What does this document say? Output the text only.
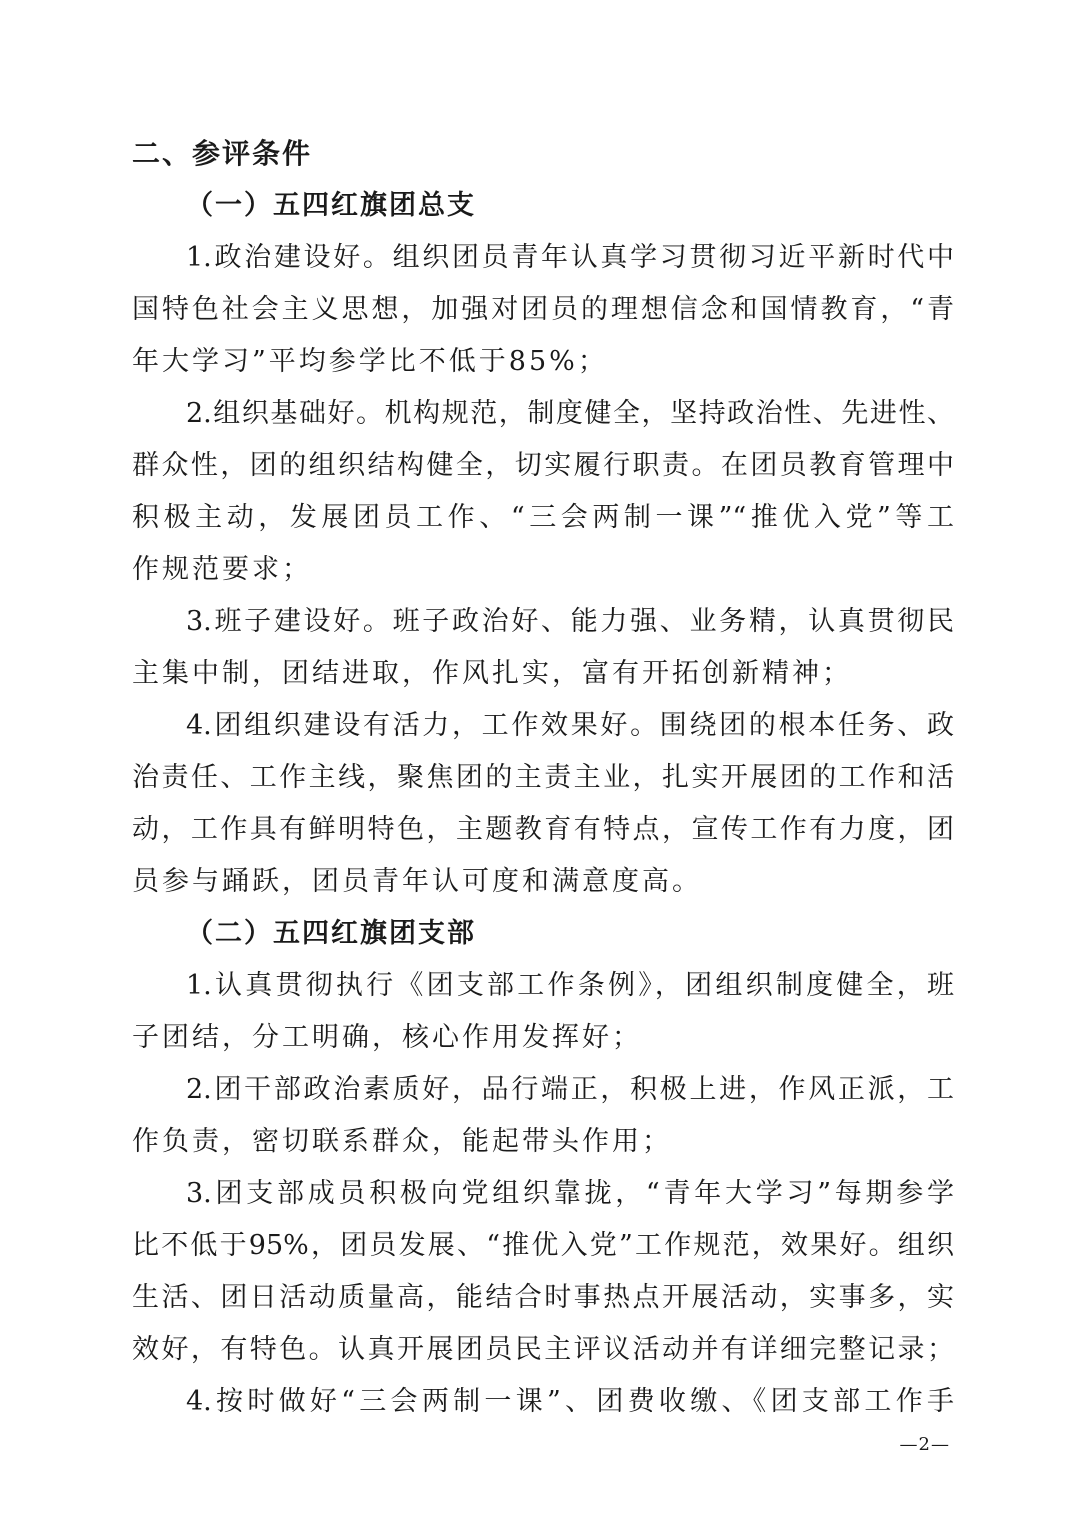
二、参评条件
（一）五四红旗团总支

1.政治建设好。组织团员青年认真学习贯彻习近平新时代中
国特色社会主义思想，加强对团员的理想信念和国情教育，“青
年大学习”平均参学比不低于85%；

2.组织基础好。机构规范，制度健全，坚持政治性、先进性、
群众性，团的组织结构健全，切实履行职责。在团员教育管理中
积极主动，发展团员工作、“三会两制一课”“推优入党”等工
作规范要求；

3.班子建设好。班子政治好、能力强、业务精，认真贯彻民
主集中制，团结进取，作风扎实，富有开拓创新精神；

4.团组织建设有活力，工作效果好。围绕团的根本任务、政
治责任、工作主线，聚焦团的主责主业，扎实开展团的工作和活
动，工作具有鲜明特色，主题教育有特点，宣传工作有力度，团
员参与踊跃，团员青年认可度和满意度高。

（二）五四红旗团支部

1.认真贯彻执行《团支部工作条例》，团组织制度健全，班
子团结，分工明确，核心作用发挥好；

2.团干部政治素质好，品行端正，积极上进，作风正派，工
作负责，密切联系群众，能起带头作用；

3.团支部成员积极向党组织靠拢，“青年大学习”每期参学
比不低于95%，团员发展、“推优入党”工作规范，效果好。组织
生活、团日活动质量高，能结合时事热点开展活动，实事多，实
效好，有特色。认真开展团员民主评议活动并有详细完整记录；

4.按时做好“三会两制一课”、团费收缴、《团支部工作手

—2—
